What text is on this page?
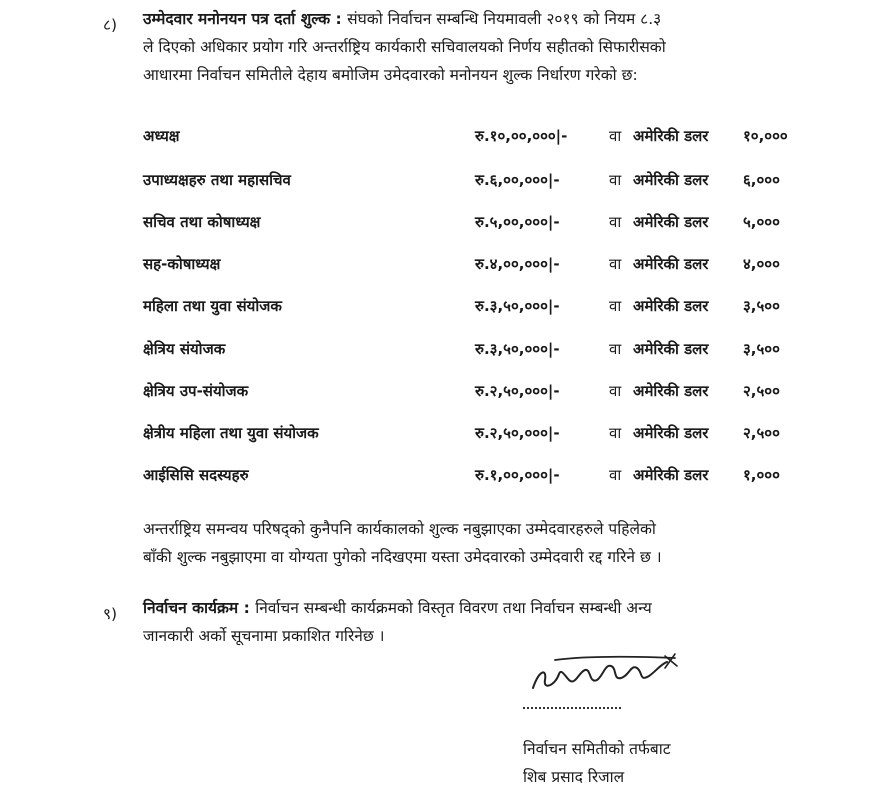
८) उम्मेदवार मनोनयन पत्र दर्ता शुल्क : संघको निर्वाचन सम्बन्धि नियमावली २०१९ को नियम ८.३
ले दिएको अधिकार प्रयोग गरि अन्तर्राष्ट्रिय कार्यकारी सचिवालयको निर्णय सहीतको सिफारीसको
आधारमा निर्वाचन समितीले देहाय बमोजिम उमेदवारको मनोनयन शुल्क निर्धारण गरेको छ:
अध्यक्ष	रु.१०,००,०००|-	वा अमेरिकी डलर १०,०००
उपाध्यक्षहरु तथा महासचिव	रु.६,००,०००|-	वा अमेरिकी डलर ६,०००
सचिव तथा कोषाध्यक्ष	रु.५,००,०००|-	वा अमेरिकी डलर ५,०००
सह-कोषाध्यक्ष	रु.४,००,०००|-	वा अमेरिकी डलर ४,०००
महिला तथा युवा संयोजक	रु.३,५०,०००|-	वा अमेरिकी डलर ३,५००
क्षेत्रिय संयोजक	रु.३,५०,०००|-	वा अमेरिकी डलर ३,५००
क्षेत्रिय उप-संयोजक	रु.२,५०,०००|-	वा अमेरिकी डलर २,५००
क्षेत्रीय महिला तथा युवा संयोजक	रु.२,५०,०००|-	वा अमेरिकी डलर २,५००
आईसिसि सदस्यहरु	रु.१,००,०००|-	वा अमेरिकी डलर १,०००
अन्तर्राष्ट्रिय समन्वय परिषद्को कुनैपनि कार्यकालको शुल्क नबुझाएका उम्मेदवारहरुले पहिलेको
बाँकी शुल्क नबुझाएमा वा योग्यता पुगेको नदिखएमा यस्ता उमेदवारको उम्मेदवारी रद्द गरिने छ ।
९) निर्वाचन कार्यक्रम : निर्वाचन सम्बन्धी कार्यक्रमको विस्तृत विवरण तथा निर्वाचन सम्बन्धी अन्य
जानकारी अर्को सूचनामा प्रकाशित गरिनेछ ।
निर्वाचन समितीको तर्फबाट
शिब प्रसाद रिजाल
